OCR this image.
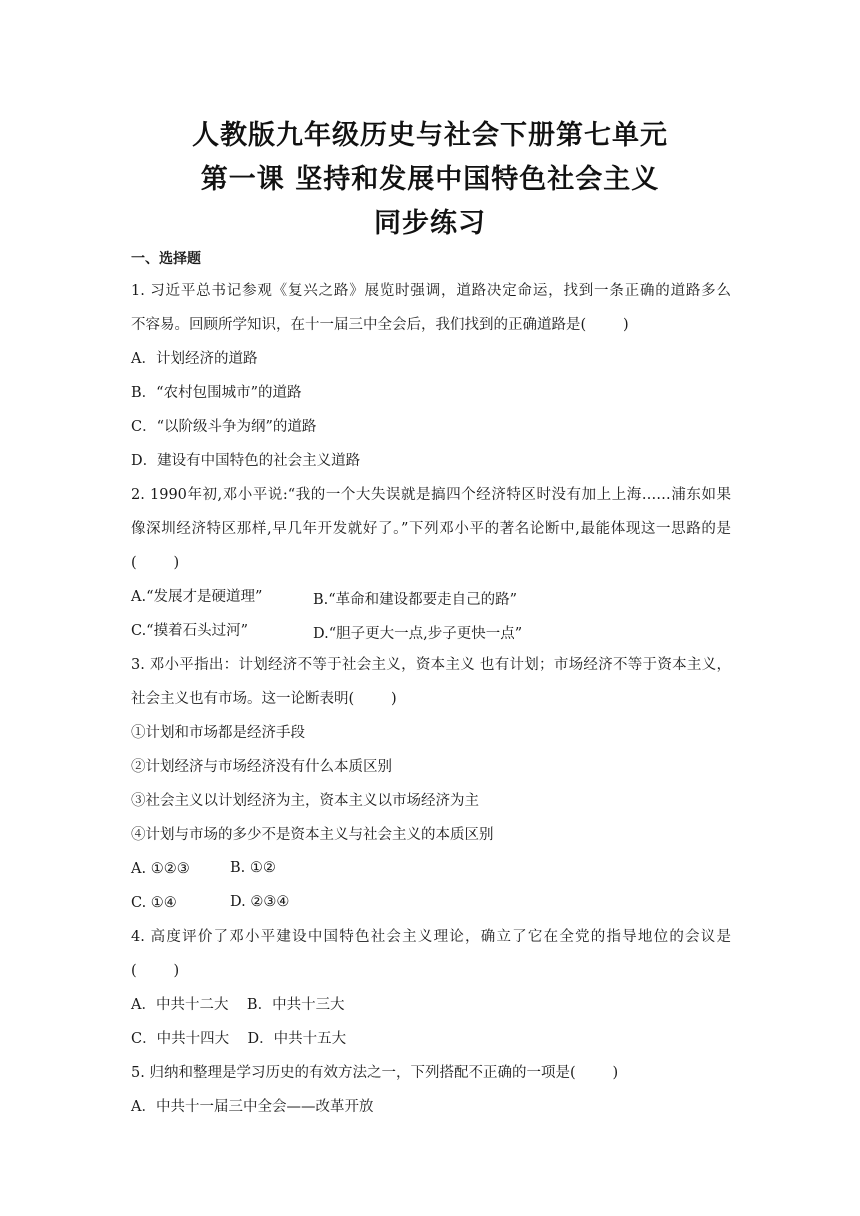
人教版九年级历史与社会下册第七单元
第一课 坚持和发展中国特色社会主义
同步练习
一、选择题
1. 习近平总书记参观《复兴之路》展览时强调，道路决定命运，找到一条正确的道路多么
不容易。回顾所学知识，在十一届三中全会后，我们找到的正确道路是(        )
A．计划经济的道路
B．“农村包围城市”的道路
C．“以阶级斗争为纲”的道路
D．建设有中国特色的社会主义道路
2. 1990年初,邓小平说:“我的一个大失误就是搞四个经济特区时没有加上上海……浦东如果
像深圳经济特区那样,早几年开发就好了。”下列邓小平的著名论断中,最能体现这一思路的是
(        )
A.“发展才是硬道理”	B.“革命和建设都要走自己的路”
C.“摸着石头过河”	D.“胆子更大一点,步子更快一点”
3. 邓小平指出：计划经济不等于社会主义，资本主义 也有计划；市场经济不等于资本主义，
社会主义也有市场。这一论断表明(        )
①计划和市场都是经济手段
②计划经济与市场经济没有什么本质区别
③社会主义以计划经济为主，资本主义以市场经济为主
④计划与市场的多少不是资本主义与社会主义的本质区别
A. ①②③	B. ①②
C. ①④	D. ②③④
4. 高度评价了邓小平建设中国特色社会主义理论，确立了它在全党的指导地位的会议是
(        )
A．中共十二大    B．中共十三大
C．中共十四大    D．中共十五大
5. 归纳和整理是学习历史的有效方法之一，下列搭配不正确的一项是(        )
A．中共十一届三中全会——改革开放
